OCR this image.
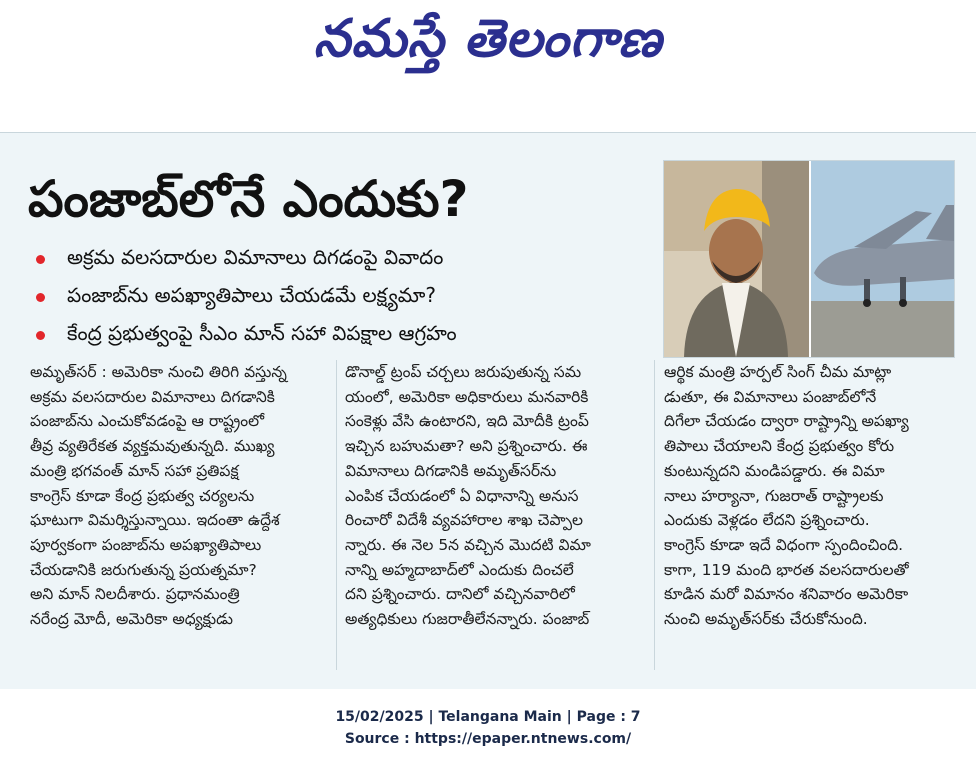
నమస్తే తెలంగాణ
పంజాబ్‌లోనే ఎందుకు?
అక్రమ వలసదారుల విమానాలు దిగడంపై వివాదం
పంజాబ్‌ను అపఖ్యాతిపాలు చేయడమే లక్ష్యమా?
కేంద్ర ప్రభుత్వంపై సీఎం మాన్ సహా విపక్షాల ఆగ్రహం

అమృత్‌సర్ : అమెరికా నుంచి తిరిగి వస్తున్న

అక్రమ వలసదారుల విమానాలు దిగడానికి

పంజాబ్‌ను ఎంచుకోవడంపై ఆ రాష్ట్రంలో

తీవ్ర వ్యతిరేకత వ్యక్తమవుతున్నది. ముఖ్య

మంత్రి భగవంత్ మాన్ సహా ప్రతిపక్ష

కాంగ్రెస్ కూడా కేంద్ర ప్రభుత్వ చర్యలను

ఘాటుగా విమర్శిస్తున్నాయి. ఇదంతా ఉద్దేశ

పూర్వకంగా పంజాబ్‌ను అపఖ్యాతిపాలు

చేయడానికి జరుగుతున్న ప్రయత్నమా?

అని మాన్ నిలదీశారు. ప్రధానమంత్రి

నరేంద్ర మోదీ, అమెరికా అధ్యక్షుడు

డొనాల్డ్ ట్రంప్ చర్చలు జరుపుతున్న సమ

యంలో, అమెరికా అధికారులు మనవారికి

సంకెళ్లు వేసి ఉంటారని, ఇది మోదీకి ట్రంప్

ఇచ్చిన బహుమతా? అని ప్రశ్నించారు. ఈ

విమానాలు దిగడానికి అమృత్‌సర్‌ను

ఎంపిక చేయడంలో ఏ విధానాన్ని అనుస

రించారో విదేశీ వ్యవహారాల శాఖ చెప్పాల

న్నారు. ఈ నెల 5న వచ్చిన మొదటి విమా

నాన్ని అహ్మదాబాద్‌లో ఎందుకు దించలే

దని ప్రశ్నించారు. దానిలో వచ్చినవారిలో

అత్యధికులు గుజరాతీలేనన్నారు. పంజాబ్

ఆర్థిక మంత్రి హర్పల్ సింగ్ చీమ మాట్లా

డుతూ, ఈ విమానాలు పంజాబ్‌లోనే

దిగేలా చేయడం ద్వారా రాష్ట్రాన్ని అపఖ్యా

తిపాలు చేయాలని కేంద్ర ప్రభుత్వం కోరు

కుంటున్నదని మండిపడ్డారు. ఈ విమా

నాలు హర్యానా, గుజరాత్ రాష్ట్రాలకు

ఎందుకు వెళ్లడం లేదని ప్రశ్నించారు.

కాంగ్రెస్ కూడా ఇదే విధంగా స్పందించింది.

కాగా, 119 మంది భారత వలసదారులతో

కూడిన మరో విమానం శనివారం అమెరికా

నుంచి అమృత్‌సర్‌కు చేరుకోనుంది.

15/02/2025 | Telangana Main | Page : 7
Source : https://epaper.ntnews.com/
